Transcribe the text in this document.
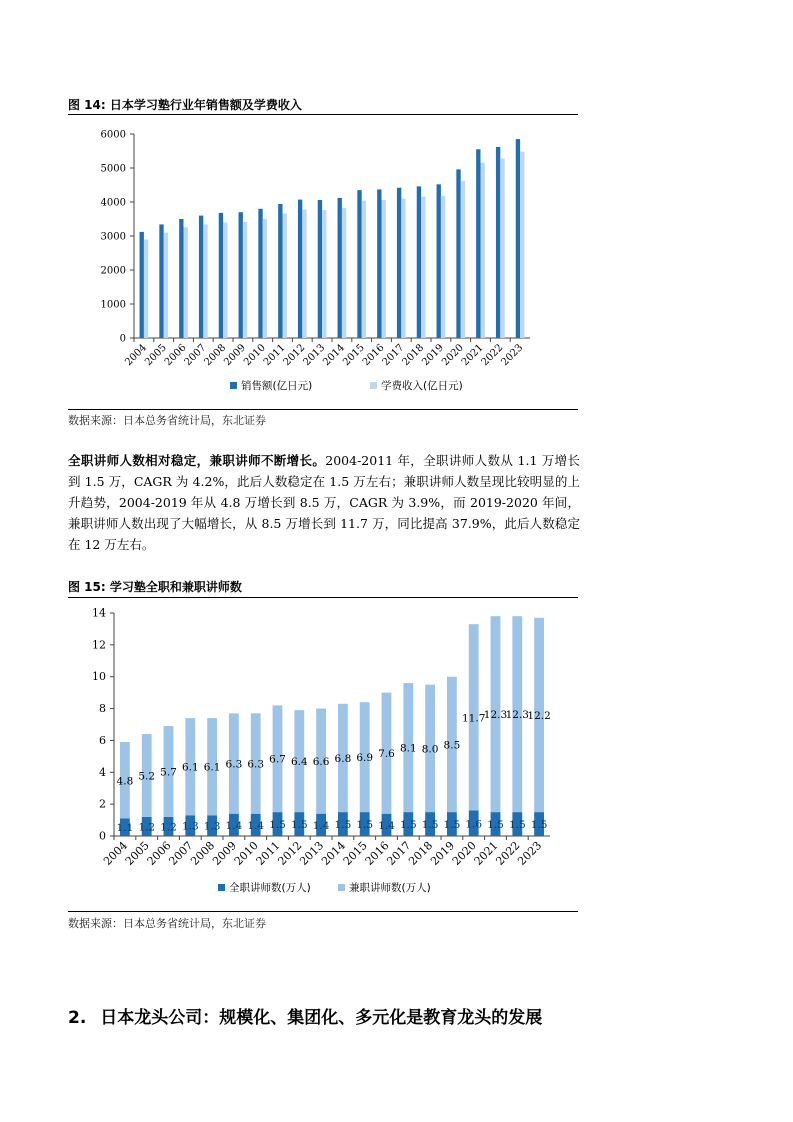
图 14: 日本学习塾行业年销售额及学费收入
0
1000
2000
3000
4000
5000
6000
2004
2005
2006
2007
2008
2009
2010
2011
2012
2013
2014
2015
2016
2017
2018
2019
2020
2021
2022
2023
销售额(亿日元)	学费收入(亿日元)
数据来源：日本总务省统计局，东北证券
全职讲师人数相对稳定，兼职讲师不断增长。2004-2011 年，全职讲师人数从 1.1 万增长到 1.5 万，CAGR 为 4.2%，此后人数稳定在 1.5 万左右；兼职讲师人数呈现比较明显的上升趋势，2004-2019 年从 4.8 万增长到 8.5 万，CAGR 为 3.9%，而 2019-2020 年间，兼职讲师人数出现了大幅增长，从 8.5 万增长到 11.7 万，同比提高 37.9%，此后人数稳定在 12 万左右。
图 15: 学习塾全职和兼职讲师数
0
2
4
6
8
10
12
14
2004
1.1
4.8
2005
1.2
5.2
2006
1.2
5.7
2007
1.3
6.1
2008
1.3
6.1
2009
1.4
6.3
2010
1.4
6.3
2011
1.5
6.7
2012
1.5
6.4
2013
1.4
6.6
2014
1.5
6.8
2015
1.5
6.9
2016
1.4
7.6
2017
1.5
8.1
2018
1.5
8.0
2019
1.5
8.5
2020
1.6
11.7
2021
1.5
12.3
2022
1.5
12.3
2023
1.5
12.2
全职讲师数(万人)	兼职讲师数(万人)
数据来源：日本总务省统计局，东北证券
2. 日本龙头公司：规模化、集团化、多元化是教育龙头的发展
